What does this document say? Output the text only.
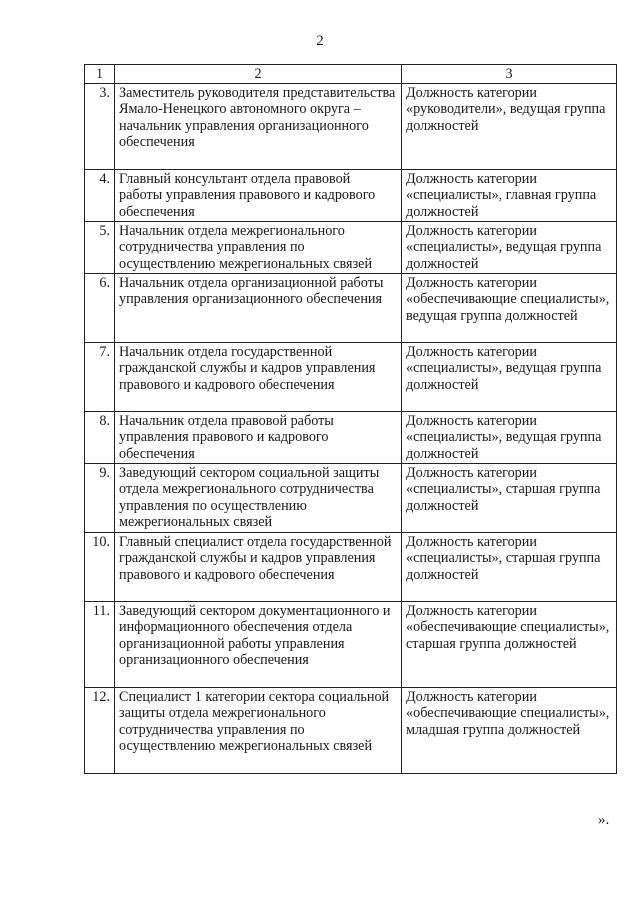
2
1	2	3
3.	Заместитель руководителя представительства Ямало-Ненецкого автономного округа – начальник управления организационного обеспечения	Должность категории «руководители», ведущая группа должностей
4.	Главный консультант отдела правовой работы управления правового и кадрового обеспечения	Должность категории «специалисты», главная группа должностей
5.	Начальник отдела межрегионального сотрудничества управления по осуществлению межрегиональных связей	Должность категории «специалисты», ведущая группа должностей
6.	Начальник отдела организационной работы управления организационного обеспечения	Должность категории «обеспечивающие специалисты», ведущая группа должностей
7.	Начальник отдела государственной гражданской службы и кадров управления правового и кадрового обеспечения	Должность категории «специалисты», ведущая группа должностей
8.	Начальник отдела правовой работы управления правового и кадрового обеспечения	Должность категории «специалисты», ведущая группа должностей
9.	Заведующий сектором социальной защиты отдела межрегионального сотрудничества управления по осуществлению межрегиональных связей	Должность категории «специалисты», старшая группа должностей
10.	Главный специалист отдела государственной гражданской службы и кадров управления правового и кадрового обеспечения	Должность категории «специалисты», старшая группа должностей
11.	Заведующий сектором документационного и информационного обеспечения отдела организационной работы управления организационного обеспечения	Должность категории «обеспечивающие специалисты», старшая группа должностей
12.	Специалист 1 категории сектора социальной защиты отдела межрегионального сотрудничества управления по осуществлению межрегиональных связей	Должность категории «обеспечивающие специалисты», младшая группа должностей
».
